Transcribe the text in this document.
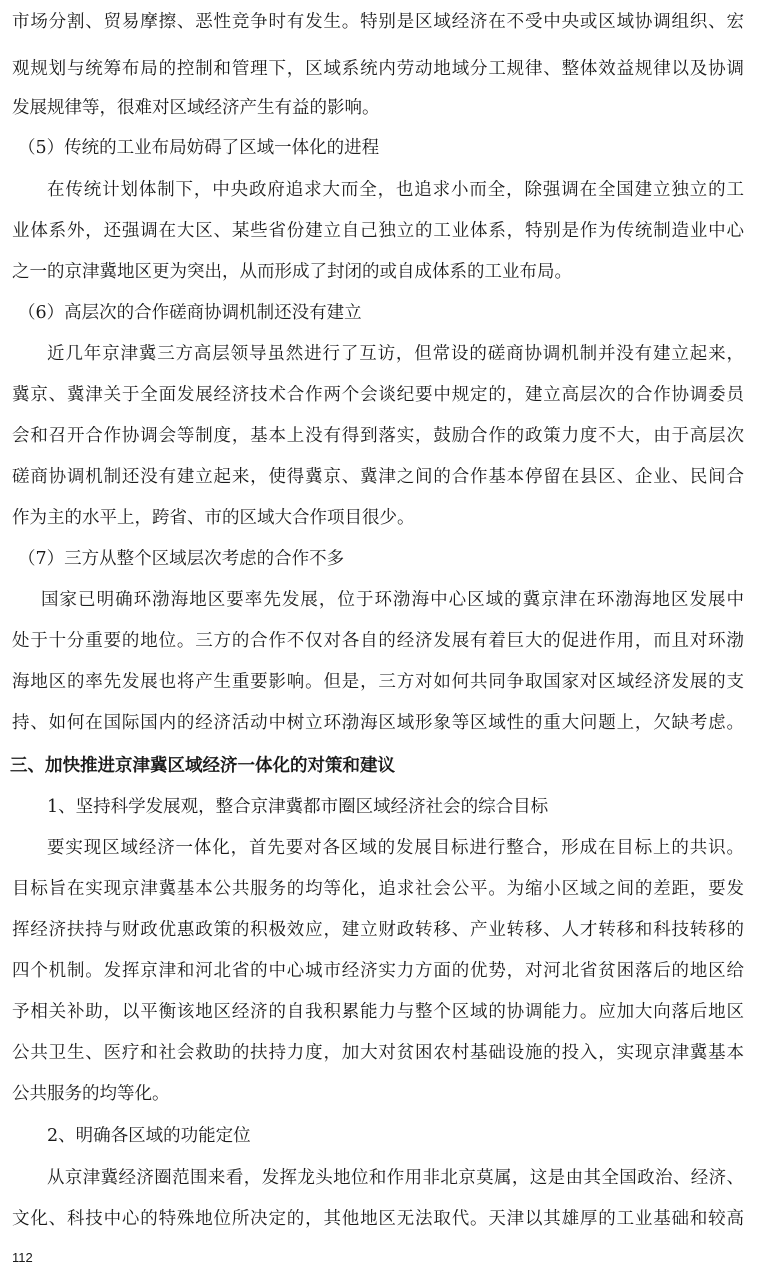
市场分割、贸易摩擦、恶性竞争时有发生。特别是区域经济在不受中央或区域协调组织、宏
观规划与统筹布局的控制和管理下，区域系统内劳动地域分工规律、整体效益规律以及协调
发展规律等，很难对区域经济产生有益的影响。
（5）传统的工业布局妨碍了区域一体化的进程
在传统计划体制下，中央政府追求大而全，也追求小而全，除强调在全国建立独立的工
业体系外，还强调在大区、某些省份建立自己独立的工业体系，特别是作为传统制造业中心
之一的京津冀地区更为突出，从而形成了封闭的或自成体系的工业布局。
（6）高层次的合作磋商协调机制还没有建立
近几年京津冀三方高层领导虽然进行了互访，但常设的磋商协调机制并没有建立起来，
冀京、冀津关于全面发展经济技术合作两个会谈纪要中规定的，建立高层次的合作协调委员
会和召开合作协调会等制度，基本上没有得到落实，鼓励合作的政策力度不大，由于高层次
磋商协调机制还没有建立起来，使得冀京、冀津之间的合作基本停留在县区、企业、民间合
作为主的水平上，跨省、市的区域大合作项目很少。
（7）三方从整个区域层次考虑的合作不多
国家已明确环渤海地区要率先发展，位于环渤海中心区域的冀京津在环渤海地区发展中
处于十分重要的地位。三方的合作不仅对各自的经济发展有着巨大的促进作用，而且对环渤
海地区的率先发展也将产生重要影响。但是，三方对如何共同争取国家对区域经济发展的支
持、如何在国际国内的经济活动中树立环渤海区域形象等区域性的重大问题上，欠缺考虑。
三、加快推进京津冀区域经济一体化的对策和建议
1、坚持科学发展观，整合京津冀都市圈区域经济社会的综合目标
要实现区域经济一体化，首先要对各区域的发展目标进行整合，形成在目标上的共识。
目标旨在实现京津冀基本公共服务的均等化，追求社会公平。为缩小区域之间的差距，要发
挥经济扶持与财政优惠政策的积极效应，建立财政转移、产业转移、人才转移和科技转移的
四个机制。发挥京津和河北省的中心城市经济实力方面的优势，对河北省贫困落后的地区给
予相关补助，以平衡该地区经济的自我积累能力与整个区域的协调能力。应加大向落后地区
公共卫生、医疗和社会救助的扶持力度，加大对贫困农村基础设施的投入，实现京津冀基本
公共服务的均等化。
2、明确各区域的功能定位
从京津冀经济圈范围来看，发挥龙头地位和作用非北京莫属，这是由其全国政治、经济、
文化、科技中心的特殊地位所决定的，其他地区无法取代。天津以其雄厚的工业基础和较高
112
